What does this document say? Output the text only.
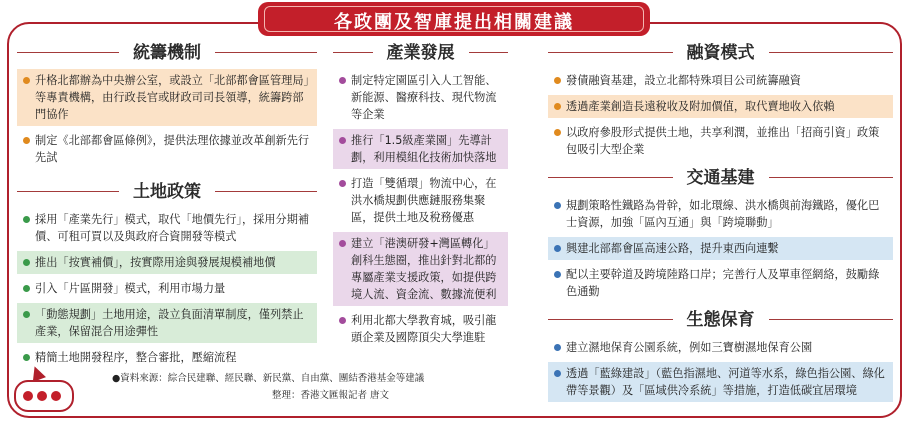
各政團及智庫提出相關建議
統籌機制
升格北都辦為中央辦公室，或設立「北部都會區管理局」等專責機構，由行政長官或財政司司長領導，統籌跨部門協作
制定《北部都會區條例》，提供法理依據並改革創新先行先試
土地政策
採用「產業先行」模式，取代「地價先行」，採用分期補價、可租可買以及與政府合資開發等模式
推出「按實補價」，按實際用途與發展規模補地價
引入「片區開發」模式，利用市場力量
「動態規劃」土地用途，設立負面清單制度，僅列禁止產業，保留混合用途彈性
精簡土地開發程序，整合審批，壓縮流程
產業發展
制定特定園區引入人工智能、新能源、醫療科技、現代物流等企業
推行「1.5級產業園」先導計劃，利用模組化技術加快落地
打造「雙循環」物流中心，在洪水橋規劃供應鏈服務集聚區，提供土地及稅務優惠
建立「港澳研發+灣區轉化」創科生態圈，推出針對北都的專屬產業支援政策，如提供跨境人流、資金流、數據流便利
利用北都大學教育城，吸引龍頭企業及國際頂尖大學進駐
融資模式
發債融資基建，設立北都特殊項目公司統籌融資
透過產業創造長遠稅收及附加價值，取代賣地收入依賴
以政府參股形式提供土地，共享利潤，並推出「招商引資」政策包吸引大型企業
交通基建
規劃策略性鐵路為骨幹，如北環線、洪水橋與前海鐵路，優化巴士資源，加強「區內互通」與「跨境聯動」
興建北部都會區高速公路，提升東西向連繫
配以主要幹道及跨境陸路口岸；完善行人及單車徑網絡，鼓勵綠色通勤
生態保育
建立濕地保育公園系統，例如三寶樹濕地保育公園
透過「藍綠建設」（藍色指濕地、河道等水系，綠色指公園、綠化帶等景觀）及「區域供冷系統」等措施，打造低碳宜居環境
●資料來源：綜合民建聯、經民聯、新民黨、自由黨、團結香港基金等建議
整理：香港文匯報記者 唐文
